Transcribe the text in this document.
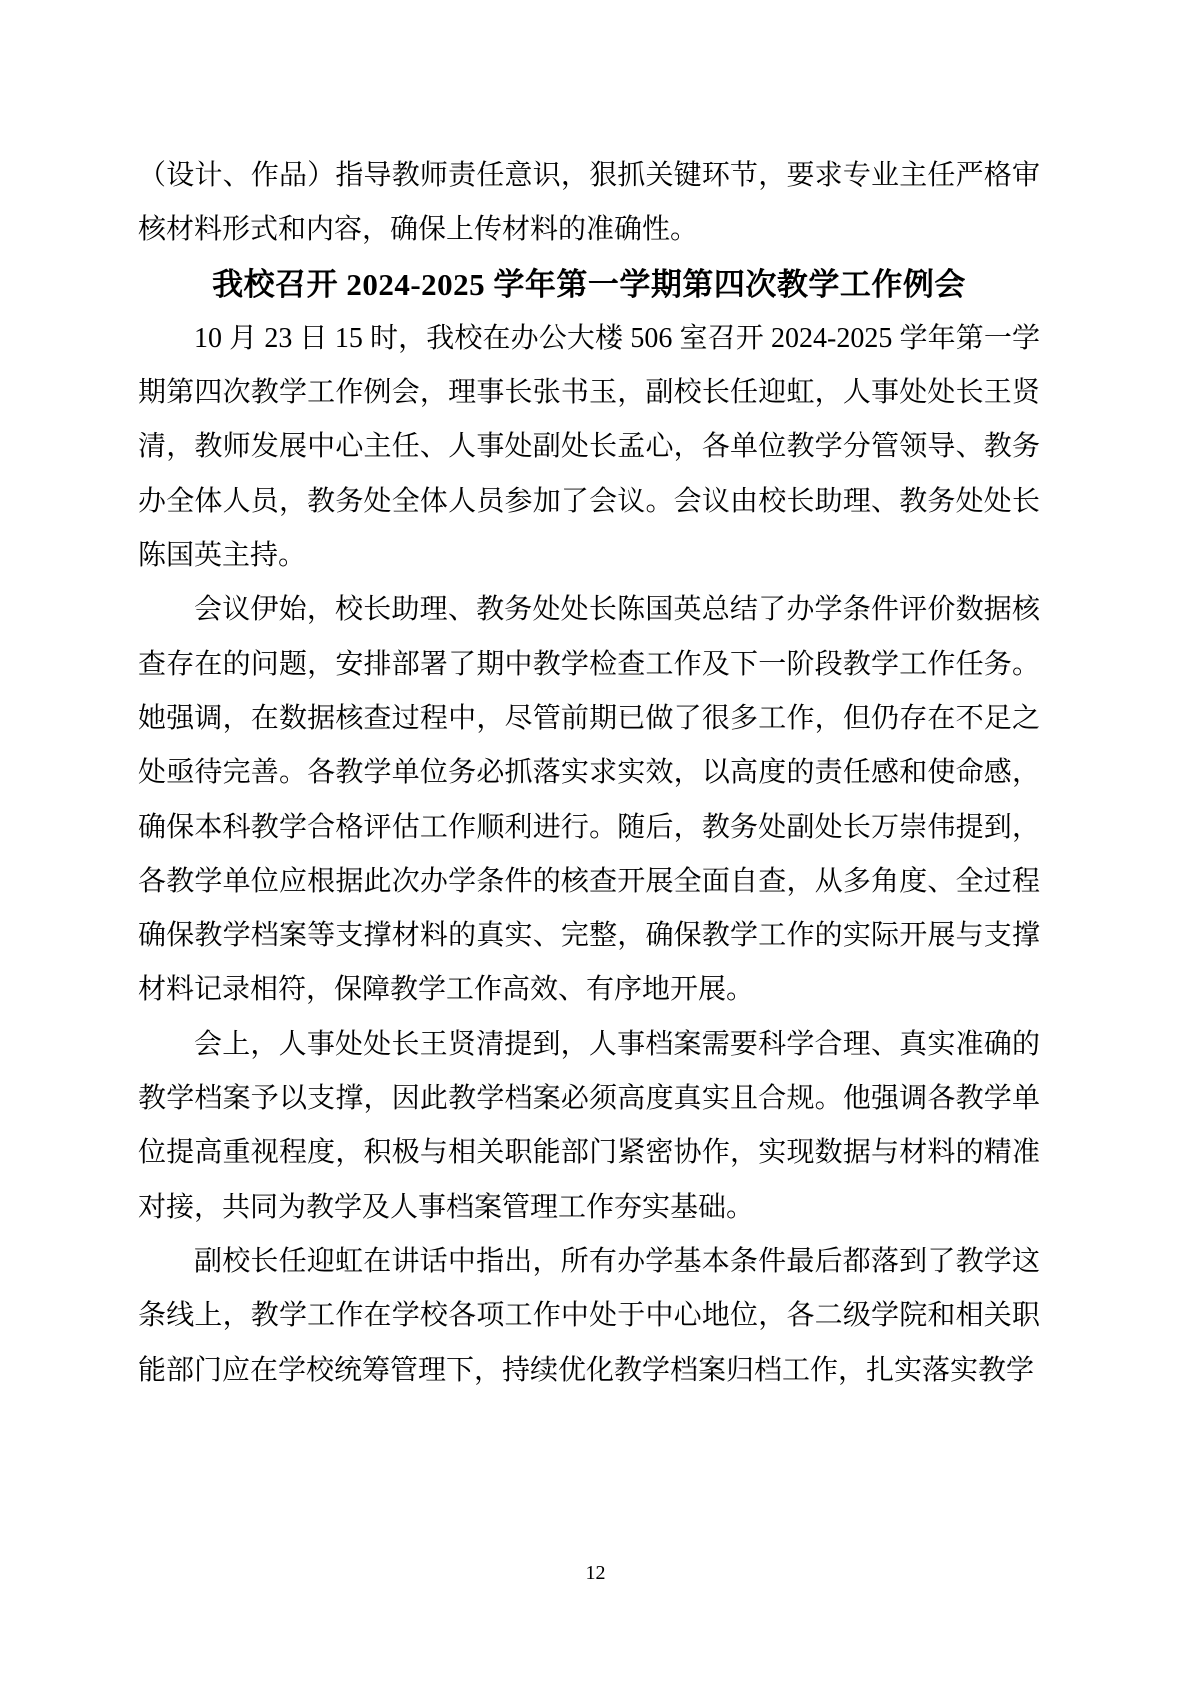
（设计、作品）指导教师责任意识，狠抓关键环节，要求专业主任严格审核材料形式和内容，确保上传材料的准确性。

我校召开 2024-2025 学年第一学期第四次教学工作例会

10 月 23 日 15 时，我校在办公大楼 506 室召开 2024-2025 学年第一学期第四次教学工作例会，理事长张书玉，副校长任迎虹，人事处处长王贤清，教师发展中心主任、人事处副处长孟心，各单位教学分管领导、教务办全体人员，教务处全体人员参加了会议。会议由校长助理、教务处处长陈国英主持。

会议伊始，校长助理、教务处处长陈国英总结了办学条件评价数据核查存在的问题，安排部署了期中教学检查工作及下一阶段教学工作任务。她强调，在数据核查过程中，尽管前期已做了很多工作，但仍存在不足之处亟待完善。各教学单位务必抓落实求实效，以高度的责任感和使命感，确保本科教学合格评估工作顺利进行。随后，教务处副处长万崇伟提到，各教学单位应根据此次办学条件的核查开展全面自查，从多角度、全过程确保教学档案等支撑材料的真实、完整，确保教学工作的实际开展与支撑材料记录相符，保障教学工作高效、有序地开展。

会上，人事处处长王贤清提到，人事档案需要科学合理、真实准确的教学档案予以支撑，因此教学档案必须高度真实且合规。他强调各教学单位提高重视程度，积极与相关职能部门紧密协作，实现数据与材料的精准对接，共同为教学及人事档案管理工作夯实基础。

副校长任迎虹在讲话中指出，所有办学基本条件最后都落到了教学这条线上，教学工作在学校各项工作中处于中心地位，各二级学院和相关职能部门应在学校统筹管理下，持续优化教学档案归档工作，扎实落实教学

12
